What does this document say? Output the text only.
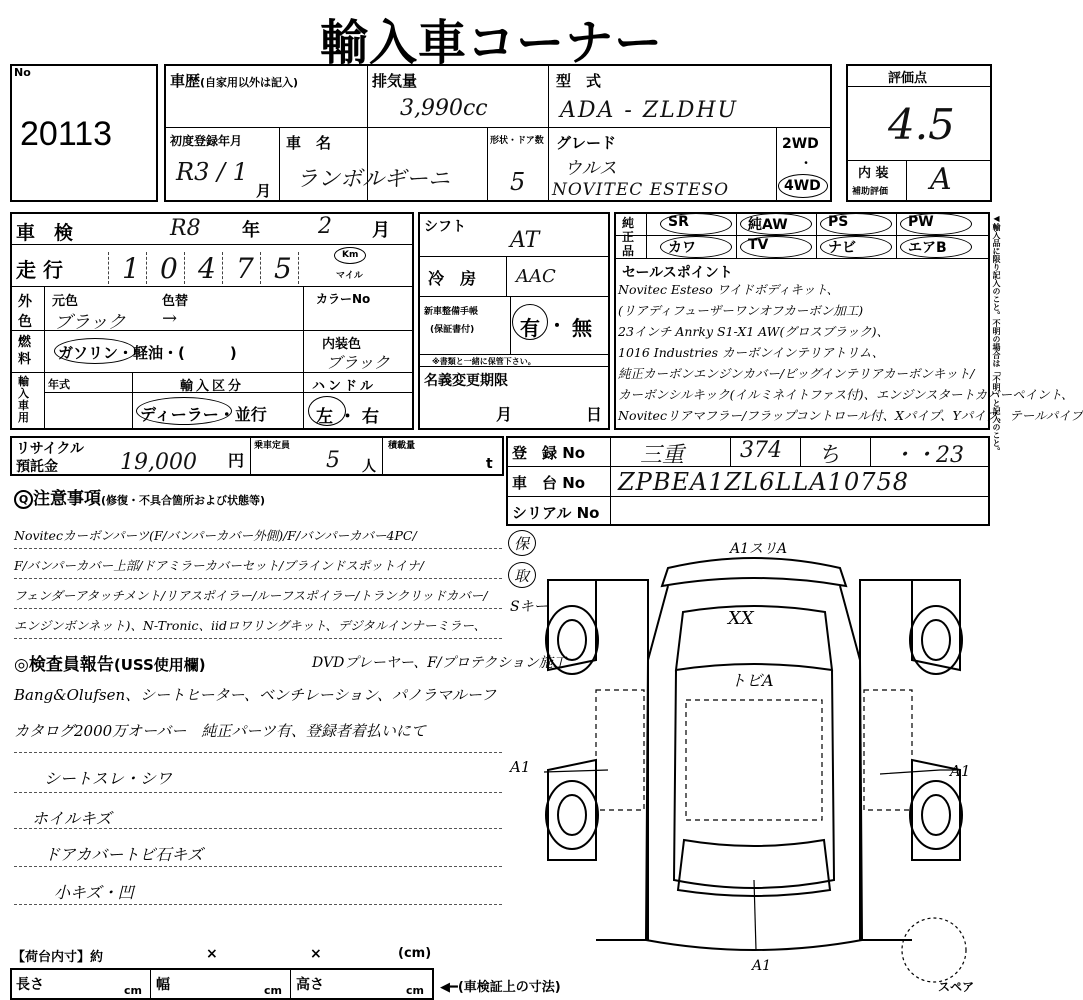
輸入車コーナー
No
20113
車歴(自家用以外は記入)	排気量
3,990cc
型　式
ADA - ZLDHU
初度登録年月
R3 / 1
月
車　名
ランボルギーニ
形状・ドア数
5
グレード
ウルス
NOVITEC ESTESO
2WD
・
4WD
評価点
4.5
内 装
補助評価 A
車　検	R8 年	2 月
走 行 1 0 4 7 5	Km
マイル
外色
元色	色替	カラーNo
ブラック →
燃料	ガソリン・軽油・(　　　)	内装色
ブラック
輸入車用
年式	輸入区分
ディーラー・並行
ハンドル
左・右
シフト
AT
冷　房 AAC
新車整備手帳
(保証書付) 有 ・ 無
※書類と一緒に保管下さい。
名義変更期限
月	日
純
正
品
SR	純AW	PS	PW
カワ	TV	ナビ	エアB
セールスポイント
Novitec Esteso ワイドボディキット、
(リアディフューザーワンオフカーボン加工)
23インチ Anrky S1-X1 AW(グロスブラック)、
1016 Industries カーボンインテリアトリム、
純正カーボンエンジンカバー/ビッグインテリアカーボンキット/
カーボンシルキック(イルミネイトファス付)、エンジンスタートカバーペイント、
Novitecリアマフラー/フラップコントロール付、Xパイプ、Yパイプ、テールパイプ
◀輸入品に限り記入のこと。不明の場合は「不明」と記入のこと。
リサイクル
預託金	19,000 円
乗車定員
5 人
積載量
t
登　録 No 三重	374 ち ・・23
車　台 No ZPBEA1ZL6LLA10758
シリアル No
Q 注意事項(修復・不具合箇所および状態等)
Novitecカーボンパーツ(F/バンパーカバー外側)/F/バンパーカバー4PC/
F/バンパーカバー上部/ドアミラーカバーセット/ブラインドスポットイナ/
フェンダーアタッチメント/リアスポイラー/ルーフスポイラー/トランクリッドカバー/
エンジンボンネット)、N-Tronic、iidロワリングキット、デジタルインナーミラー、
保
取
Sキー
◎検査員報告(USS使用欄)	DVDプレーヤー、F/プロテクション施工
Bang&Olufsen、シートヒーター、ベンチレーション、パノラマルーフ
カタログ2000万オーバー　純正パーツ有、登録者着払いにて
シートスレ・シワ
ホイルキズ
ドアカバートビ石キズ
小キズ・凹
A1スリA
XX
トビA
A1	A1
A1
スペア
【荷台内寸】約	×	×	(cm)
長さ	cm 幅	cm 高さ	cm ◀━(車検証上の寸法)
